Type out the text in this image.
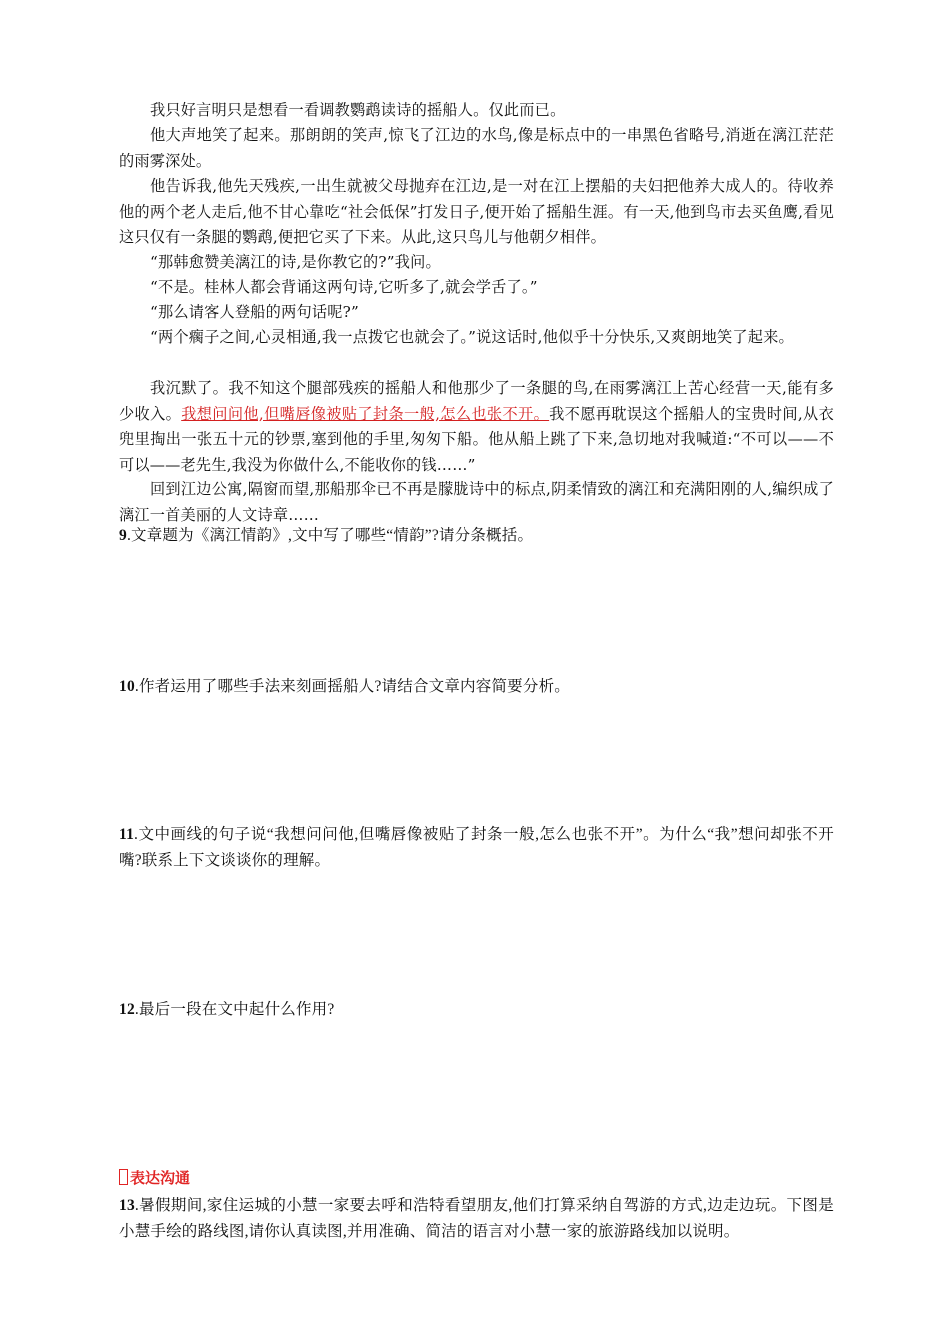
我只好言明只是想看一看调教鹦鹉读诗的摇船人。仅此而已。
他大声地笑了起来。那朗朗的笑声,惊飞了江边的水鸟,像是标点中的一串黑色省略号,消逝在漓江茫茫的雨雾深处。
他告诉我,他先天残疾,一出生就被父母抛弃在江边,是一对在江上摆船的夫妇把他养大成人的。待收养他的两个老人走后,他不甘心靠吃“社会低保”打发日子,便开始了摇船生涯。有一天,他到鸟市去买鱼鹰,看见这只仅有一条腿的鹦鹉,便把它买了下来。从此,这只鸟儿与他朝夕相伴。
“那韩愈赞美漓江的诗,是你教它的?”我问。
“不是。桂林人都会背诵这两句诗,它听多了,就会学舌了。”
“那么请客人登船的两句话呢?”
“两个瘸子之间,心灵相通,我一点拨它也就会了。”说这话时,他似乎十分快乐,又爽朗地笑了起来。
我沉默了。我不知这个腿部残疾的摇船人和他那少了一条腿的鸟,在雨雾漓江上苦心经营一天,能有多少收入。我想问问他,但嘴唇像被贴了封条一般,怎么也张不开。我不愿再耽误这个摇船人的宝贵时间,从衣兜里掏出一张五十元的钞票,塞到他的手里,匆匆下船。他从船上跳了下来,急切地对我喊道:“不可以——不可以——老先生,我没为你做什么,不能收你的钱……”
回到江边公寓,隔窗而望,那船那伞已不再是朦胧诗中的标点,阴柔情致的漓江和充满阳刚的人,编织成了漓江一首美丽的人文诗章……
9.文章题为《漓江情韵》,文中写了哪些“情韵”?请分条概括。
10.作者运用了哪些手法来刻画摇船人?请结合文章内容简要分析。
11.文中画线的句子说“我想问问他,但嘴唇像被贴了封条一般,怎么也张不开”。为什么“我”想问却张不开嘴?联系上下文谈谈你的理解。
12.最后一段在文中起什么作用?
表达沟通
13.暑假期间,家住运城的小慧一家要去呼和浩特看望朋友,他们打算采纳自驾游的方式,边走边玩。下图是小慧手绘的路线图,请你认真读图,并用准确、简洁的语言对小慧一家的旅游路线加以说明。
